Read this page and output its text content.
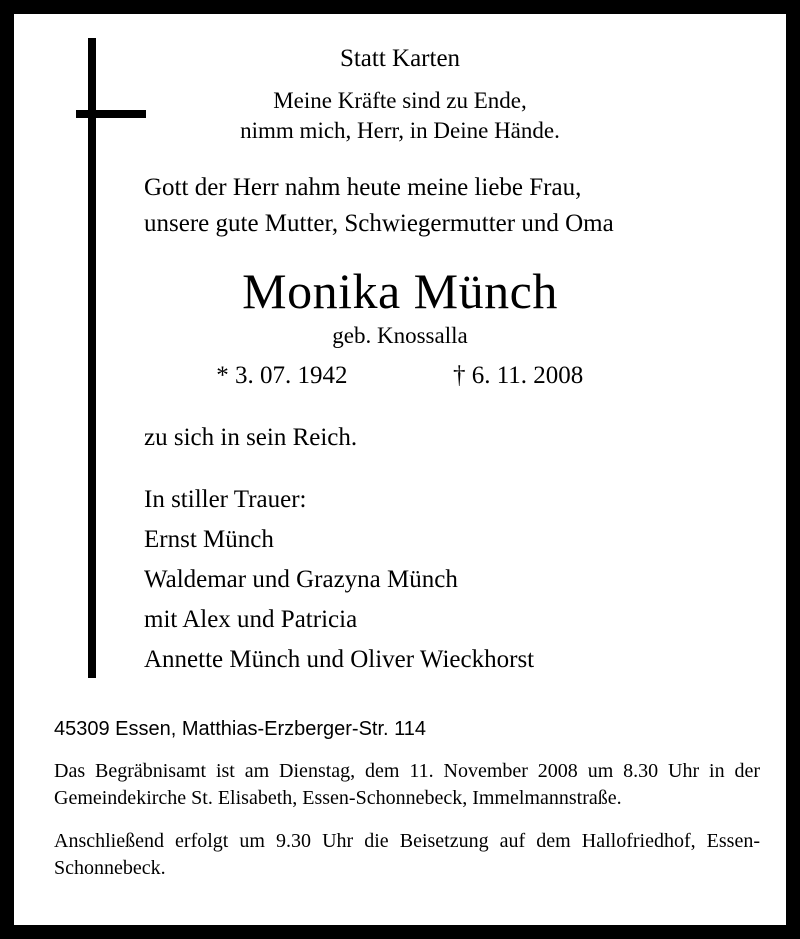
Statt Karten
Meine Kräfte sind zu Ende,
nimm mich, Herr, in Deine Hände.
Gott der Herr nahm heute meine liebe Frau,
unsere gute Mutter, Schwiegermutter und Oma
Monika Münch
geb. Knossalla
* 3. 07. 1942	† 6. 11. 2008
zu sich in sein Reich.
In stiller Trauer:
Ernst Münch
Waldemar und Grazyna Münch
mit Alex und Patricia
Annette Münch und Oliver Wieckhorst
45309 Essen, Matthias-Erzberger-Str. 114
Das Begräbnisamt ist am Dienstag, dem 11. November 2008 um 8.30 Uhr in der Gemeindekirche St. Elisabeth, Essen-Schonnebeck, Immelmannstraße.
Anschließend erfolgt um 9.30 Uhr die Beisetzung auf dem Hallofriedhof, Essen-Schonnebeck.
